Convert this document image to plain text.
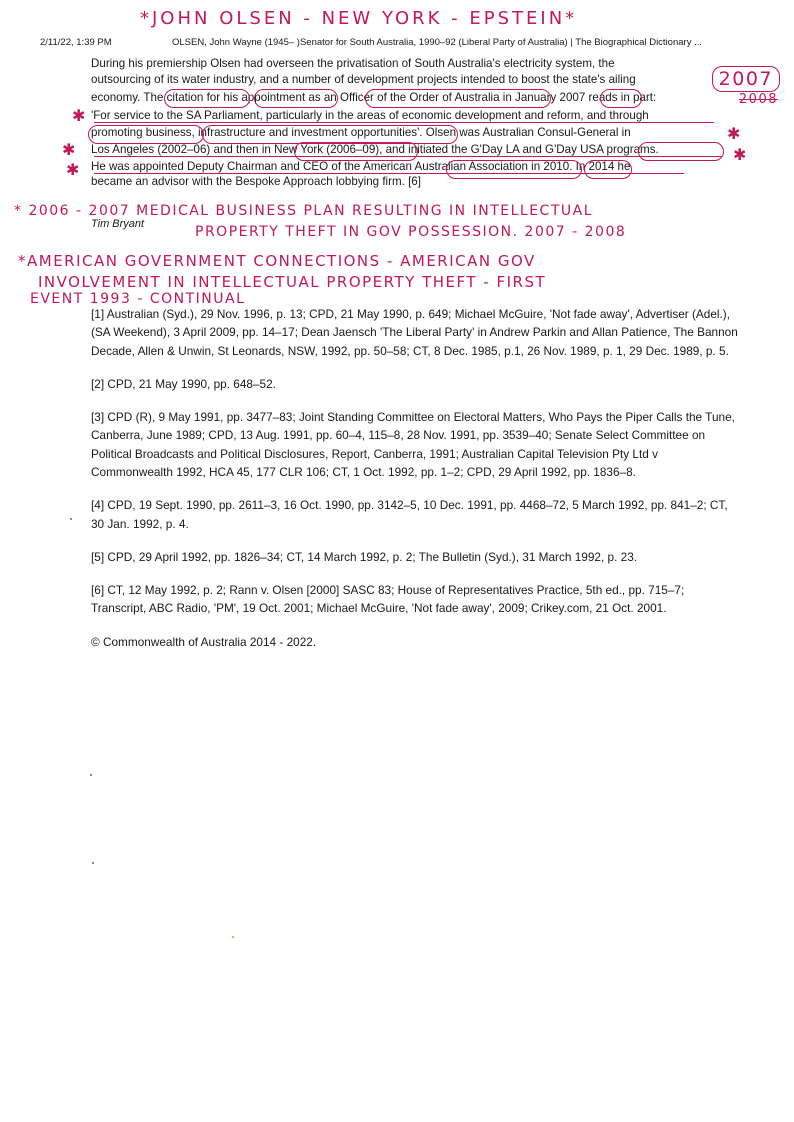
*JOHN OLSEN - NEW YORK - EPSTEIN*
2/11/22, 1:39 PM	OLSEN, John Wayne (1945– )Senator for South Australia, 1990–92 (Liberal Party of Australia) | The Biographical Dictionary ...
During his premiership Olsen had overseen the privatisation of South Australia's electricity system, the
outsourcing of its water industry, and a number of development projects intended to boost the state's ailing
economy. The citation for his appointment as an Officer of the Order of Australia in January 2007 reads in part:
'For service to the SA Parliament, particularly in the areas of economic development and reform, and through
promoting business, infrastructure and investment opportunities'. Olsen was Australian Consul-General in
Los Angeles (2002–06) and then in New York (2006–09), and initiated the G'Day LA and G'Day USA programs.
He was appointed Deputy Chairman and CEO of the American Australian Association in 2010. In 2014 he
became an advisor with the Bespoke Approach lobbying firm. [6]
Tim Bryant
✱
✱
✱
✱
✱
2007
2008
* 2006 - 2007 MEDICAL BUSINESS PLAN RESULTING IN INTELLECTUAL
PROPERTY THEFT IN GOV POSSESSION. 2007 - 2008
*AMERICAN GOVERNMENT CONNECTIONS - AMERICAN GOV
INVOLVEMENT IN INTELLECTUAL PROPERTY THEFT - FIRST
EVENT 1993 - CONTINUAL

[1] Australian (Syd.), 29 Nov. 1996, p. 13; CPD, 21 May 1990, p. 649; Michael McGuire, 'Not fade away', Advertiser (Adel.), (SA Weekend), 3 April 2009, pp. 14–17; Dean Jaensch 'The Liberal Party' in Andrew Parkin and Allan Patience, The Bannon Decade, Allen & Unwin, St Leonards, NSW, 1992, pp. 50–58; CT, 8 Dec. 1985, p.1, 26 Nov. 1989, p. 1, 29 Dec. 1989, p. 5.

[2] CPD, 21 May 1990, pp. 648–52.

[3] CPD (R), 9 May 1991, pp. 3477–83; Joint Standing Committee on Electoral Matters, Who Pays the Piper Calls the Tune, Canberra, June 1989; CPD, 13 Aug. 1991, pp. 60–4, 115–8, 28 Nov. 1991, pp. 3539–40; Senate Select Committee on Political Broadcasts and Political Disclosures, Report, Canberra, 1991; Australian Capital Television Pty Ltd v Commonwealth 1992, HCA 45, 177 CLR 106; CT, 1 Oct. 1992, pp. 1–2; CPD, 29 April 1992, pp. 1836–8.

[4] CPD, 19 Sept. 1990, pp. 2611–3, 16 Oct. 1990, pp. 3142–5, 10 Dec. 1991, pp. 4468–72, 5 March 1992, pp. 841–2; CT, 30 Jan. 1992, p. 4.

[5] CPD, 29 April 1992, pp. 1826–34; CT, 14 March 1992, p. 2; The Bulletin (Syd.), 31 March 1992, p. 23.

[6] CT, 12 May 1992, p. 2; Rann v. Olsen [2000] SASC 83; House of Representatives Practice, 5th ed., pp. 715–7; Transcript, ABC Radio, 'PM', 19 Oct. 2001; Michael McGuire, 'Not fade away', 2009; Crikey.com, 21 Oct. 2001.

© Commonwealth of Australia 2014 - 2022.
